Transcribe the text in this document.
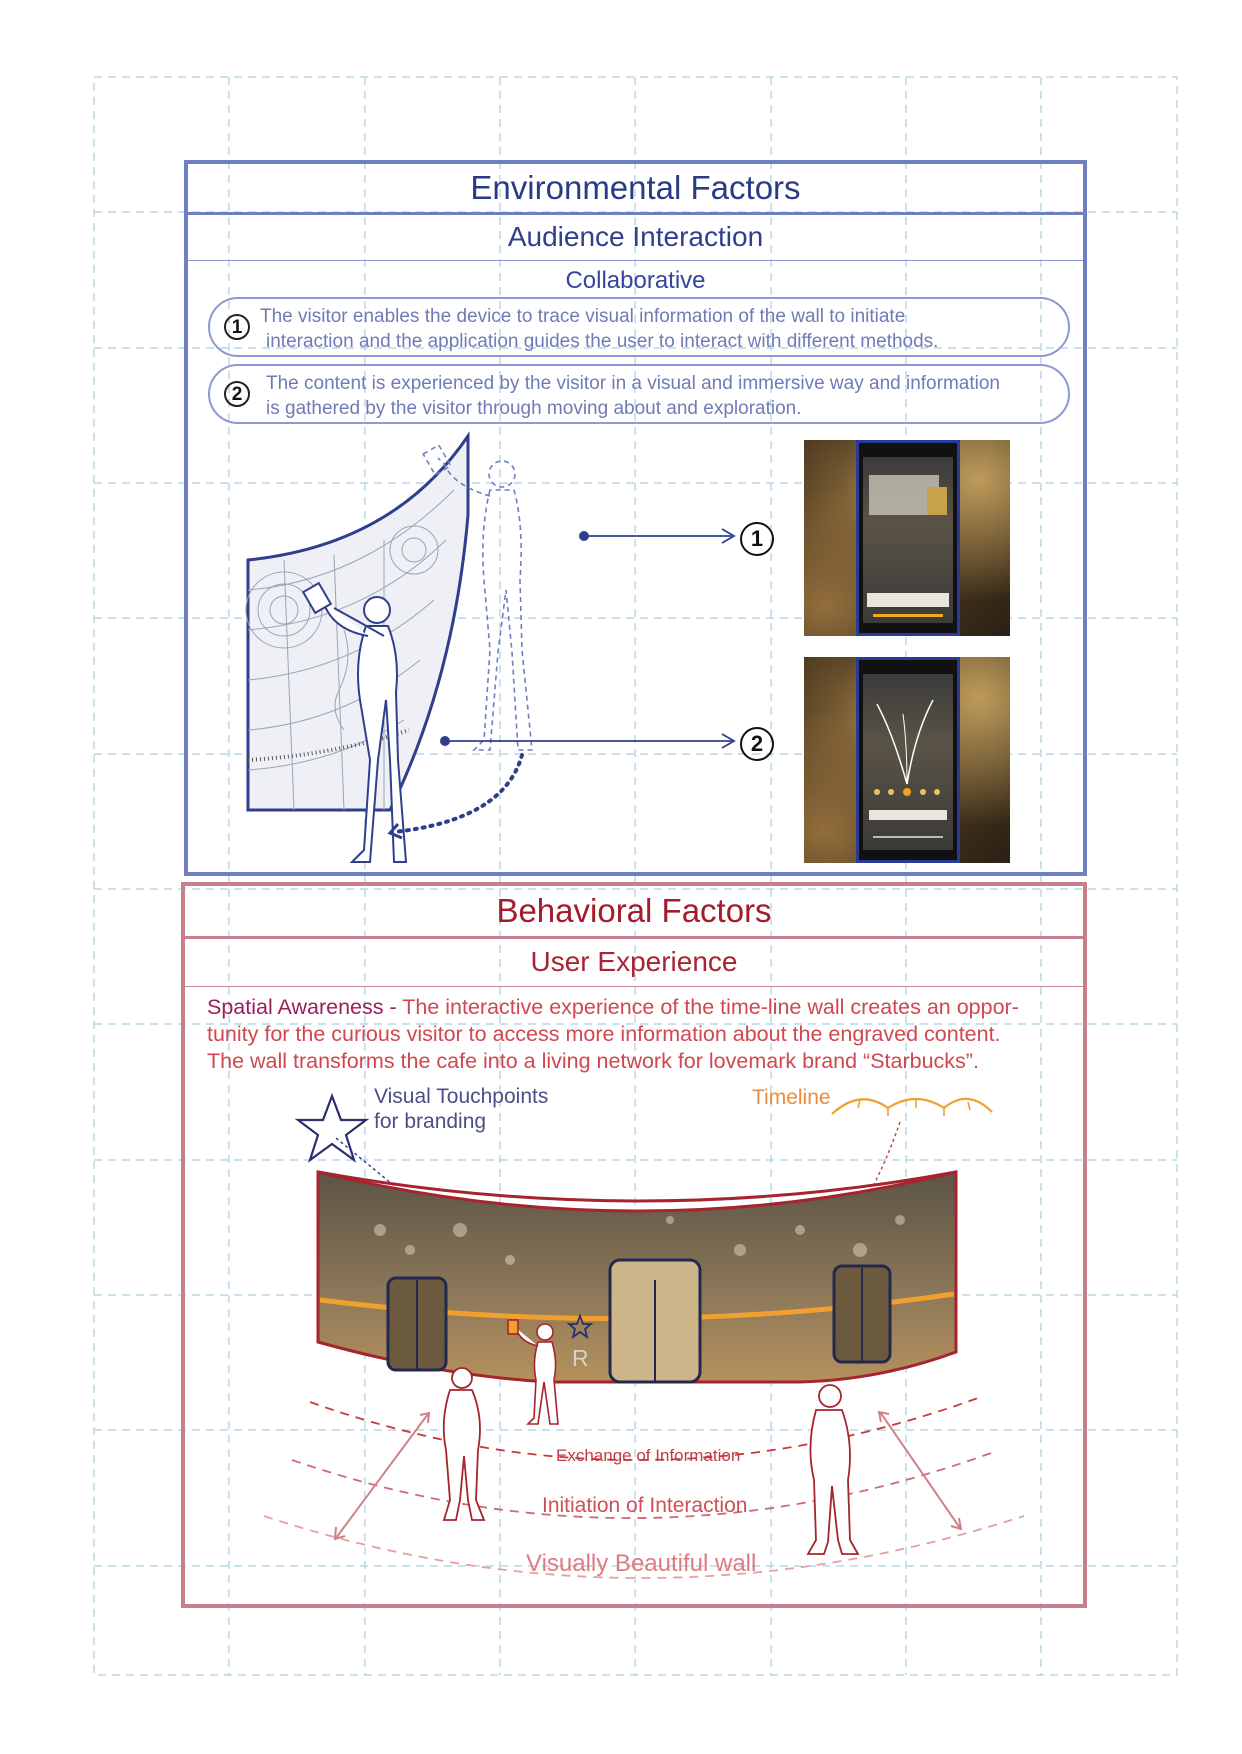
Environmental Factors
Audience Interaction
Collaborative
1
The visitor enables the device to trace visual information of the wall to initiate
interaction and the application guides the user to interact with different methods.
2
The content is experienced by the visitor in a visual and immersive way and information
is gathered by the visitor through moving about and exploration.
1
2
Behavioral Factors
User Experience
Spatial Awareness - The interactive experience of the time-line wall creates an oppor-
tunity for the curious visitor to access more information about the engraved content.
The wall transforms the cafe into a living network for lovemark brand “Starbucks”.
Visual Touchpoints
for branding
Timeline
R
Exchange of Information
Initiation of Interaction
Visually Beautiful wall
